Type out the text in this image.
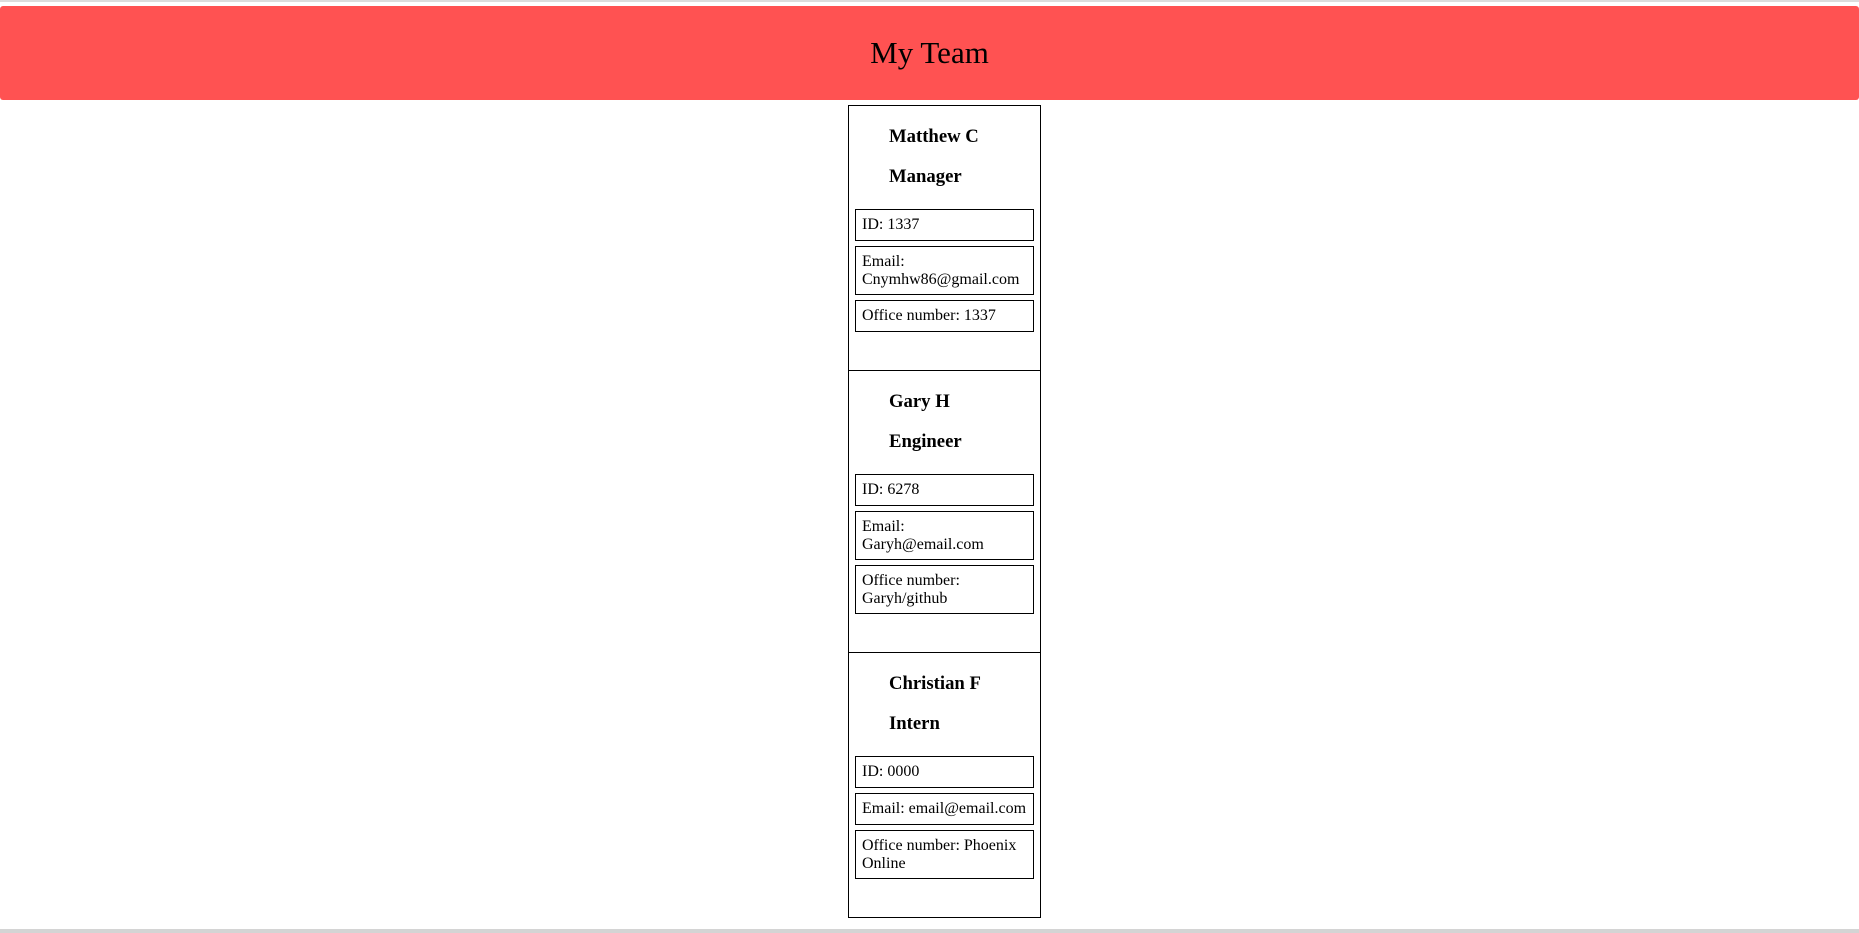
My Team
Matthew C
Manager
ID: 1337
Email: Cnymhw86@gmail.com
Office number: 1337
Gary H
Engineer
ID: 6278
Email: Garyh@email.com
Office number: Garyh/github
Christian F
Intern
ID: 0000
Email: email@email.com
Office number: Phoenix Online
